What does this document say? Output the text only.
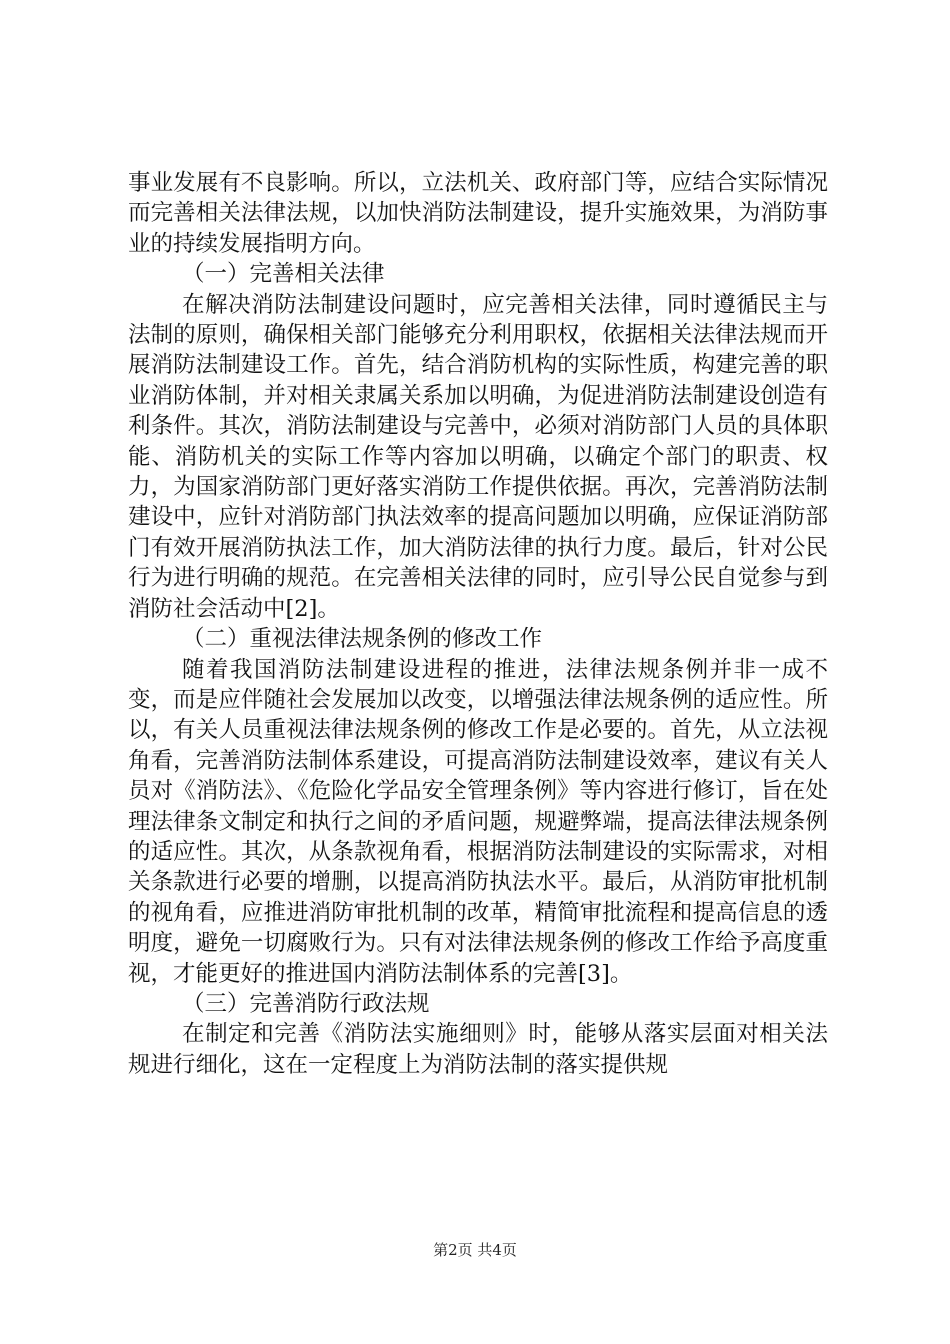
事业发展有不良影响。所以，立法机关、政府部门等，应结合实际情况而完善相关法律法规，以加快消防法制建设，提升实施效果，为消防事业的持续发展指明方向。

（一）完善相关法律

在解决消防法制建设问题时，应完善相关法律，同时遵循民主与法制的原则，确保相关部门能够充分利用职权，依据相关法律法规而开展消防法制建设工作。首先，结合消防机构的实际性质，构建完善的职业消防体制，并对相关隶属关系加以明确，为促进消防法制建设创造有利条件。其次，消防法制建设与完善中，必须对消防部门人员的具体职能、消防机关的实际工作等内容加以明确，以确定个部门的职责、权力，为国家消防部门更好落实消防工作提供依据。再次，完善消防法制建设中，应针对消防部门执法效率的提高问题加以明确，应保证消防部门有效开展消防执法工作，加大消防法律的执行力度。最后，针对公民行为进行明确的规范。在完善相关法律的同时，应引导公民自觉参与到消防社会活动中[2]。

（二）重视法律法规条例的修改工作

随着我国消防法制建设进程的推进，法律法规条例并非一成不变，而是应伴随社会发展加以改变，以增强法律法规条例的适应性。所以，有关人员重视法律法规条例的修改工作是必要的。首先，从立法视角看，完善消防法制体系建设，可提高消防法制建设效率，建议有关人员对《消防法》、《危险化学品安全管理条例》等内容进行修订，旨在处理法律条文制定和执行之间的矛盾问题，规避弊端，提高法律法规条例的适应性。其次，从条款视角看，根据消防法制建设的实际需求，对相关条款进行必要的增删，以提高消防执法水平。最后，从消防审批机制的视角看，应推进消防审批机制的改革，精简审批流程和提高信息的透明度，避免一切腐败行为。只有对法律法规条例的修改工作给予高度重视，才能更好的推进国内消防法制体系的完善[3]。

（三）完善消防行政法规

在制定和完善《消防法实施细则》时，能够从落实层面对相关法规进行细化，这在一定程度上为消防法制的落实提供规

第2页 共4页
